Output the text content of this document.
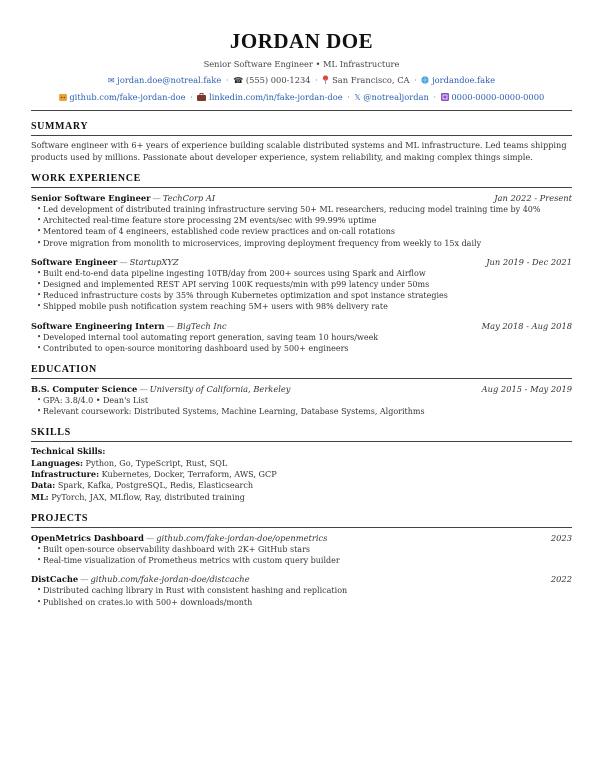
JORDAN DOE
Senior Software Engineer • ML Infrastructure
✉ jordan.doe@notreal.fake · ☎ (555) 000-1234 · San Francisco, CA · jordandoe.fake
github.com/fake-jordan-doe · linkedin.com/in/fake-jordan-doe · 𝕏 @notrealjordan · 0000-0000-0000-0000
SUMMARY

Software engineer with 6+ years of experience building scalable distributed systems and ML infrastructure. Led teams shipping products used by millions. Passionate about developer experience, system reliability, and making complex things simple.

WORK EXPERIENCE
Senior Software Engineer — TechCorp AI	Jan 2022 - Present
• Led development of distributed training infrastructure serving 50+ ML researchers, reducing model training time by 40%
• Architected real-time feature store processing 2M events/sec with 99.99% uptime
• Mentored team of 4 engineers, established code review practices and on-call rotations
• Drove migration from monolith to microservices, improving deployment frequency from weekly to 15x daily
Software Engineer — StartupXYZ	Jun 2019 - Dec 2021
• Built end-to-end data pipeline ingesting 10TB/day from 200+ sources using Spark and Airflow
• Designed and implemented REST API serving 100K requests/min with p99 latency under 50ms
• Reduced infrastructure costs by 35% through Kubernetes optimization and spot instance strategies
• Shipped mobile push notification system reaching 5M+ users with 98% delivery rate
Software Engineering Intern — BigTech Inc	May 2018 - Aug 2018
• Developed internal tool automating report generation, saving team 10 hours/week
• Contributed to open-source monitoring dashboard used by 500+ engineers
EDUCATION
B.S. Computer Science — University of California, Berkeley	Aug 2015 - May 2019
• GPA: 3.8/4.0 • Dean's List
• Relevant coursework: Distributed Systems, Machine Learning, Database Systems, Algorithms
SKILLS
Technical Skills:
Languages: Python, Go, TypeScript, Rust, SQL
Infrastructure: Kubernetes, Docker, Terraform, AWS, GCP
Data: Spark, Kafka, PostgreSQL, Redis, Elasticsearch
ML: PyTorch, JAX, MLflow, Ray, distributed training
PROJECTS
OpenMetrics Dashboard — github.com/fake-jordan-doe/openmetrics	2023
• Built open-source observability dashboard with 2K+ GitHub stars
• Real-time visualization of Prometheus metrics with custom query builder
DistCache — github.com/fake-jordan-doe/distcache	2022
• Distributed caching library in Rust with consistent hashing and replication
• Published on crates.io with 500+ downloads/month
